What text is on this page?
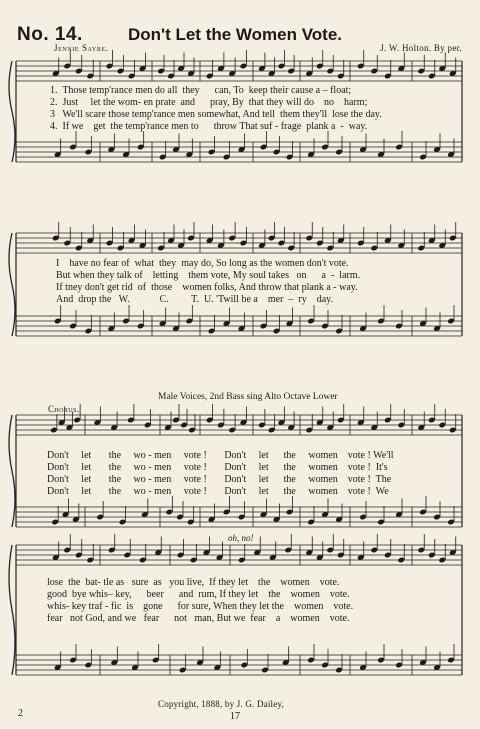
No. 14.	Don't Let the Women Vote.
Jennie Sayre.	J. W. Holton. By per.
1.  Those temp'rance men do all  they      can, To  keep their cause a – float;
2.  Just     let the wom- en prate  and      pray, By  that they will do    no    harm;
3   We'll scare those temp'rance men somewhat, And tell  them they'll  lose the day.
4.  If we    get  the temp'rance men to      throw That suf - frage  plank a  -  way.
I    have no fear of  what  they  may do, So long as the women don't vote.
But when they talk of    letting    them vote, My soul takes   on      a  -  larm.
If tney don't get rid  of  those    women folks, And throw that plank a - way.
And  drop the   W.            C.         T.  U. 'Twill be a    mer  –  ry    day.
Male Voices, 2nd Bass sing Alto Octave Lower
Chorus.
Don't     let       the     wo - men     vote !       Don't     let      the     women    vote ! We'll
Don't     let       the     wo - men     vote !       Don't     let      the     women    vote !  It's
Don't     let       the     wo - men     vote !       Don't     let      the     women    vote !  The
Don't     let       the     wo - men     vote !       Don't     let      the     women    vote !  We
oh, no!
lose  the  bat- tle as   sure  as   you live,  If they let    the    women    vote.
good  bye whis– key,      beer      and  rum, If they let    the    women    vote.
whis- key traf - fic  is    gone      for sure, When they let the    women    vote.
fear   not God, and we   fear      not   man, But we  fear    a    women    vote.
Copyright, 1888, by J. G. Dailey,
2	17
